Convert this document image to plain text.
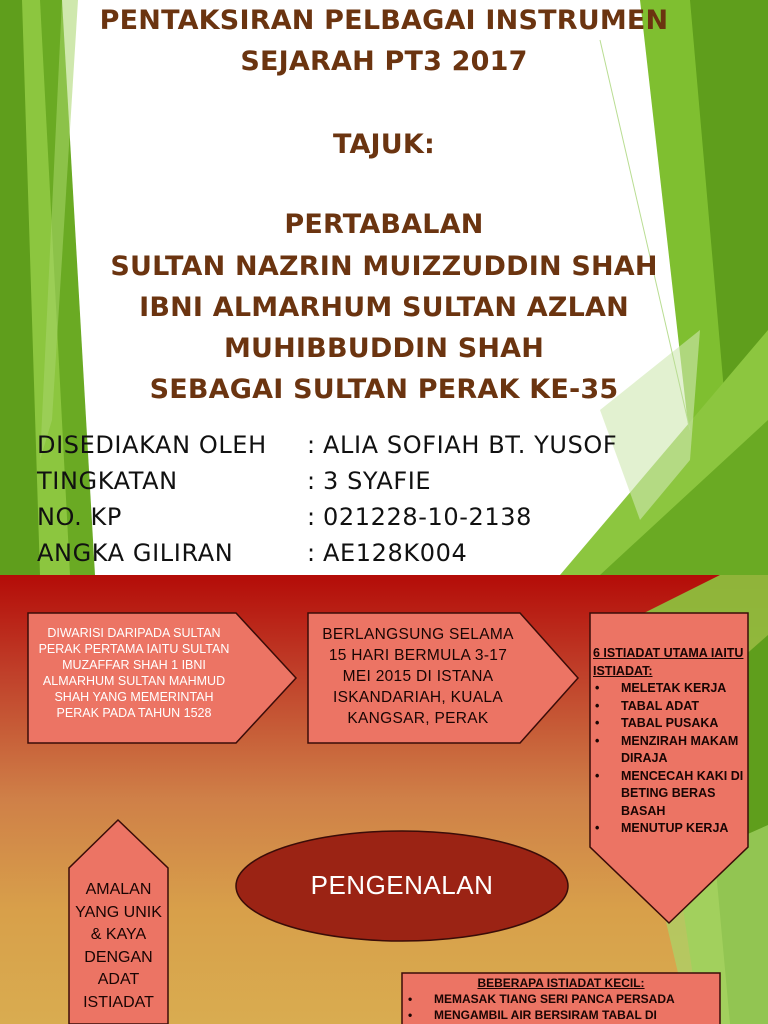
PENTAKSIRAN PELBAGAI INSTRUMEN
SEJARAH PT3 2017
TAJUK:
PERTABALAN
SULTAN NAZRIN MUIZZUDDIN SHAH
IBNI ALMARHUM SULTAN AZLAN
MUHIBBUDDIN SHAH
SEBAGAI SULTAN PERAK KE-35
DISEDIAKAN OLEH : ALIA SOFIAH BT. YUSOF
TINGKATAN	: 3 SYAFIE
NO. KP	: 021228-10-2138
ANGKA GILIRAN	: AE128K004
DIWARISI DARIPADA SULTAN PERAK PERTAMA IAITU SULTAN MUZAFFAR SHAH 1 IBNI ALMARHUM SULTAN MAHMUD SHAH YANG MEMERINTAH PERAK PADA TAHUN 1528
BERLANGSUNG SELAMA 15 HARI BERMULA 3-17 MEI 2015 DI ISTANA ISKANDARIAH, KUALA KANGSAR, PERAK
6 ISTIADAT UTAMA IAITU ISTIADAT:
• MELETAK KERJA
• TABAL ADAT
• TABAL PUSAKA
• MENZIRAH MAKAM DIRAJA
• MENCECAH KAKI DI BETING BERAS BASAH
• MENUTUP KERJA
PENGENALAN
AMALAN YANG UNIK & KAYA DENGAN ADAT ISTIADAT
BEBERAPA ISTIADAT KECIL:
• MEMASAK TIANG SERI PANCA PERSADA
• MENGAMBIL AIR BERSIRAM TABAL DI
